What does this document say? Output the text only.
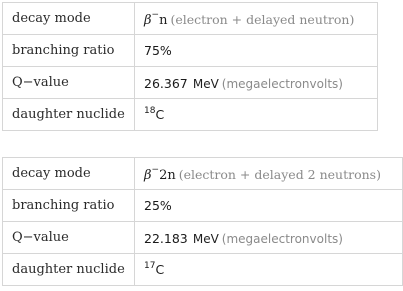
decay mode	β−n (electron + delayed neutron)
branching ratio	75%
Q−value	26.367 MeV (megaelectronvolts)
daughter nuclide	$^{18}$C
decay mode	β−2n (electron + delayed 2 neutrons)
branching ratio	25%
Q−value	22.183 MeV (megaelectronvolts)
daughter nuclide	$^{17}$C
